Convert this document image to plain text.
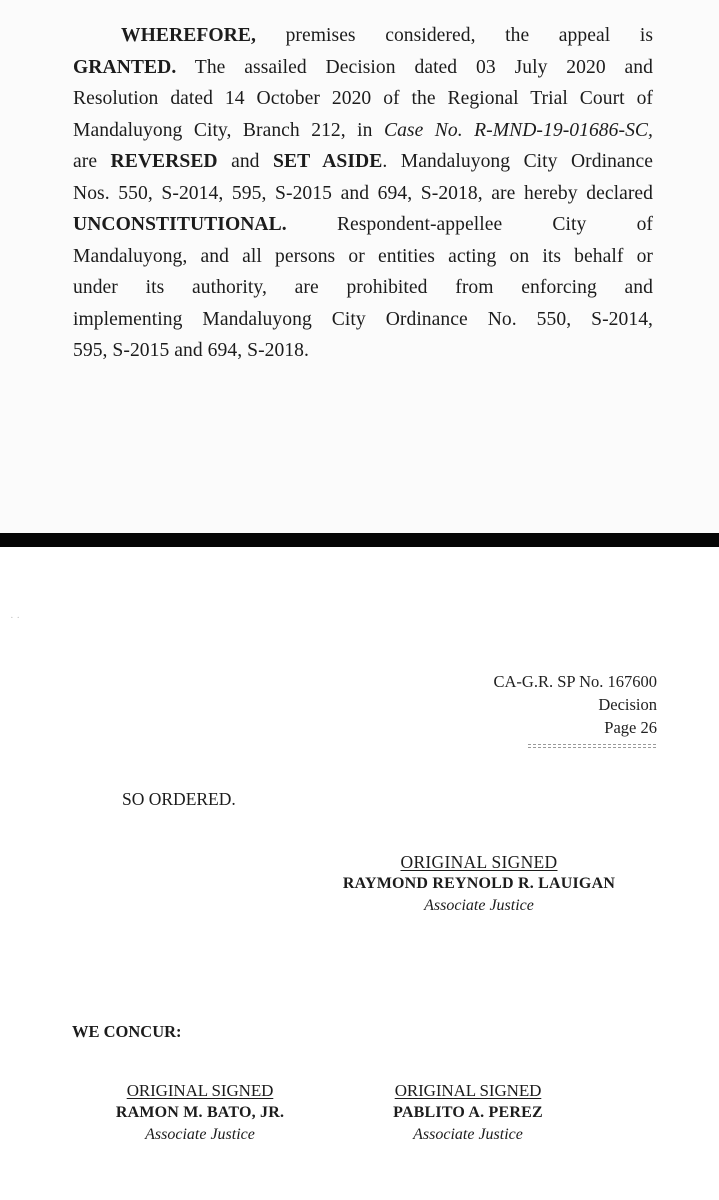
WHEREFORE, premises considered, the appeal is
GRANTED. The assailed Decision dated 03 July 2020 and
Resolution dated 14 October 2020 of the Regional Trial Court of
Mandaluyong City, Branch 212, in Case No. R-MND-19-01686-SC,
are REVERSED and SET ASIDE. Mandaluyong City Ordinance
Nos. 550, S-2014, 595, S-2015 and 694, S-2018, are hereby declared
UNCONSTITUTIONAL.	Respondent-appellee City of
Mandaluyong, and all persons or entities acting on its behalf or
under its authority, are prohibited from enforcing and
implementing Mandaluyong City Ordinance No. 550, S-2014,
595, S-2015 and 694, S-2018.
· ·
CA-G.R. SP No. 167600
Decision
Page 26
SO ORDERED.
ORIGINAL SIGNED
RAYMOND REYNOLD R. LAUIGAN
Associate Justice
WE CONCUR:
ORIGINAL SIGNED
RAMON M. BATO, JR.
Associate Justice
ORIGINAL SIGNED
PABLITO A. PEREZ
Associate Justice
